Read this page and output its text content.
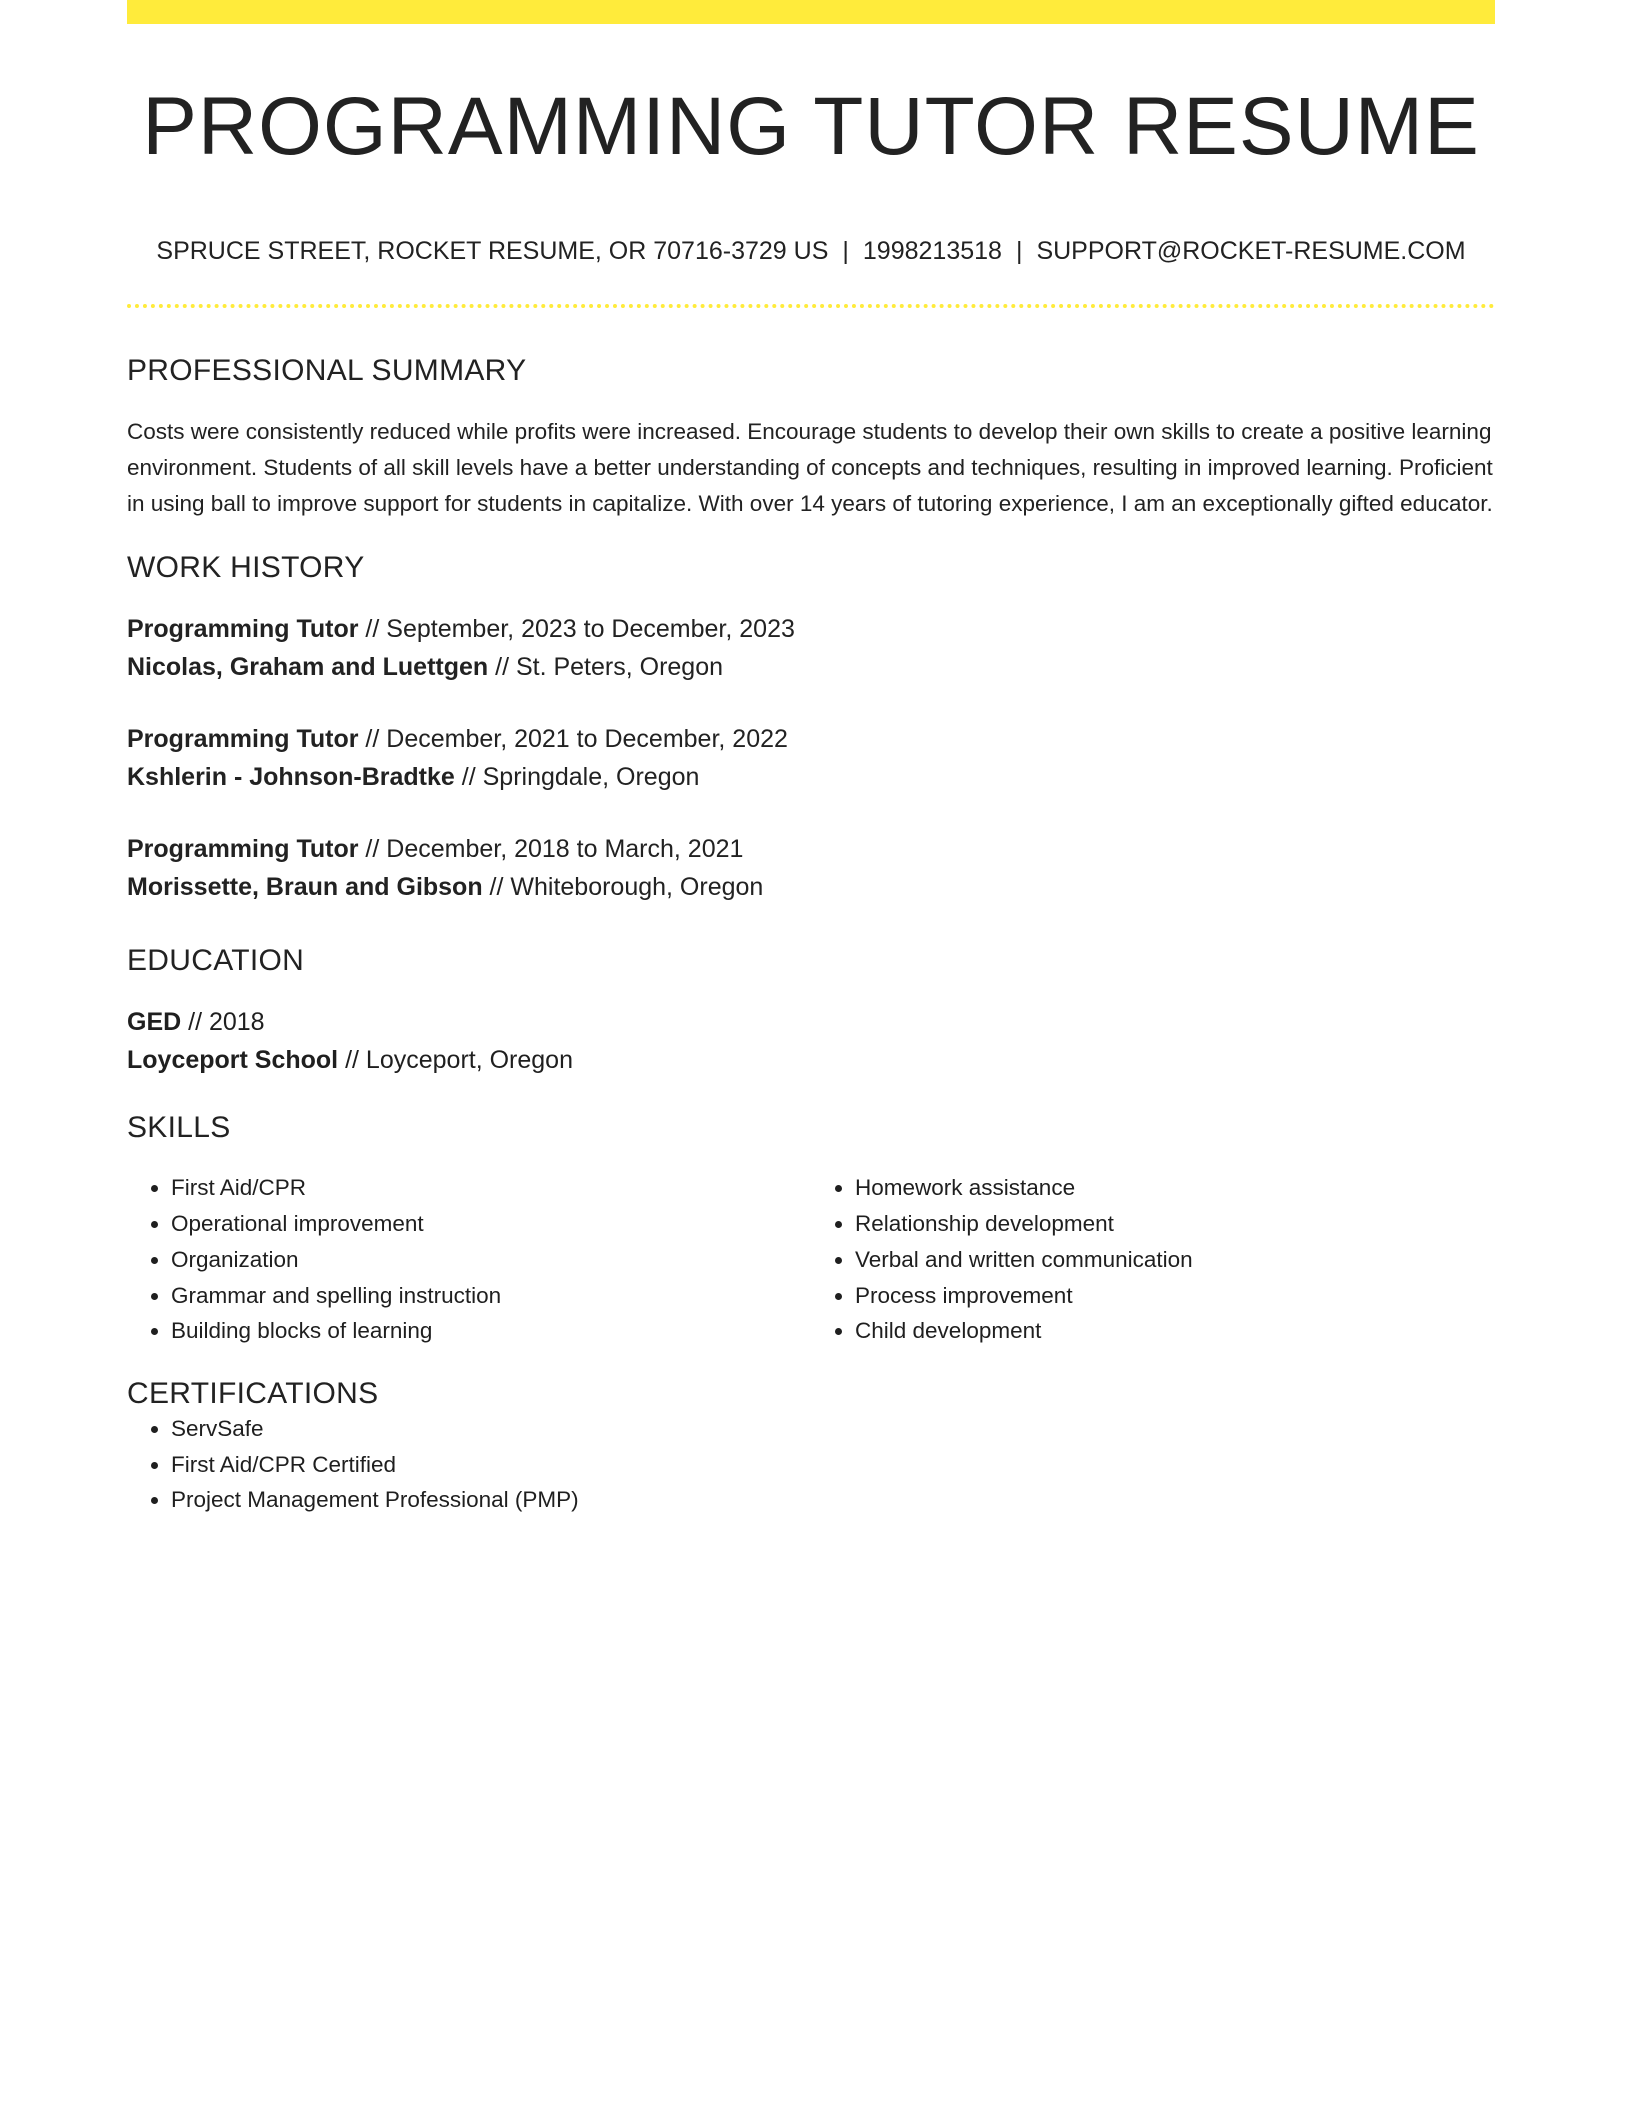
PROGRAMMING TUTOR RESUME
SPRUCE STREET, ROCKET RESUME, OR 70716-3729 US | 1998213518 | SUPPORT@ROCKET-RESUME.COM
PROFESSIONAL SUMMARY

Costs were consistently reduced while profits were increased. Encourage students to develop their own skills to create a positive learning environment. Students of all skill levels have a better understanding of concepts and techniques, resulting in improved learning. Proficient in using ball to improve support for students in capitalize. With over 14 years of tutoring experience, I am an exceptionally gifted educator.

WORK HISTORY
Programming Tutor // September, 2023 to December, 2023
Nicolas, Graham and Luettgen // St. Peters, Oregon
Programming Tutor // December, 2021 to December, 2022
Kshlerin - Johnson-Bradtke // Springdale, Oregon
Programming Tutor // December, 2018 to March, 2021
Morissette, Braun and Gibson // Whiteborough, Oregon
EDUCATION
GED // 2018
Loyceport School // Loyceport, Oregon
SKILLS
• First Aid/CPR
• Operational improvement
• Organization
• Grammar and spelling instruction
• Building blocks of learning
• Homework assistance
• Relationship development
• Verbal and written communication
• Process improvement
• Child development
CERTIFICATIONS
• ServSafe
• First Aid/CPR Certified
• Project Management Professional (PMP)
